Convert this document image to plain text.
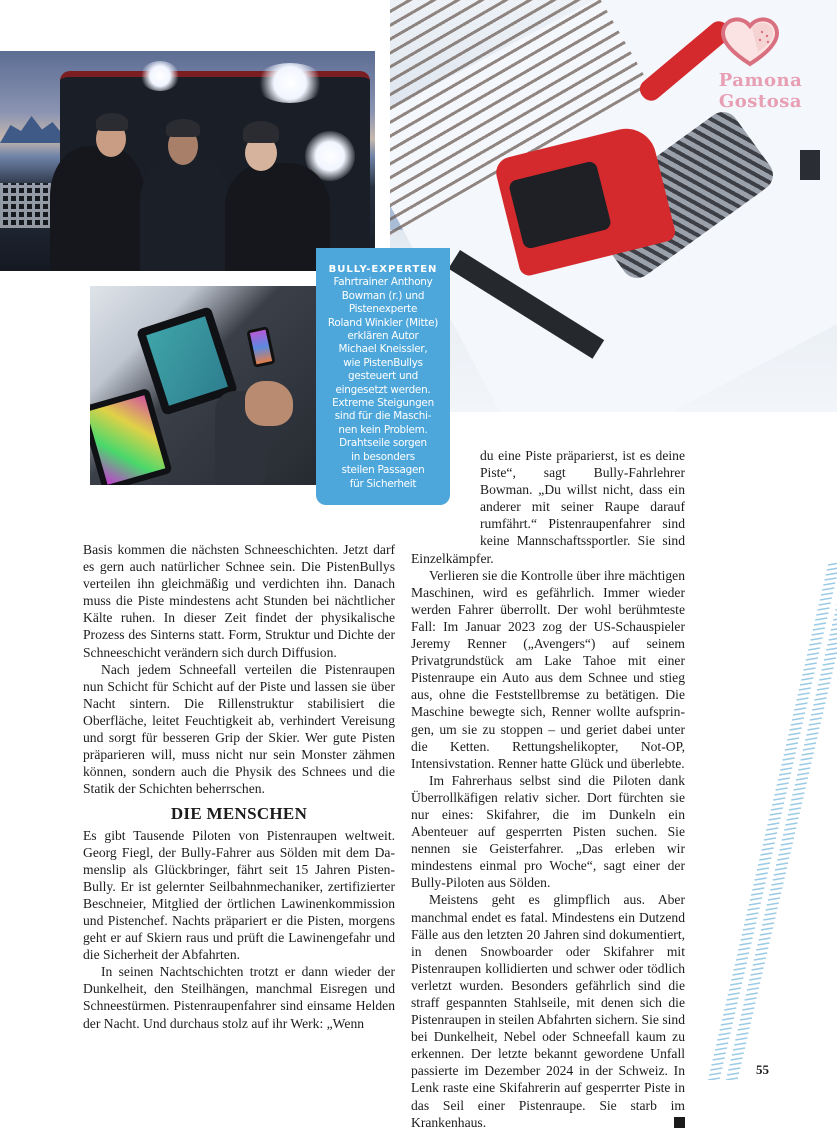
Pamona Gostosa
BULLY-EXPERTEN
Fahrtrainer Anthony
Bowman (r.) und
Pistenexperte
Roland Winkler (Mitte)
erklären Autor
Michael Kneissler,
wie PistenBullys
gesteuert und
eingesetzt werden.
Extreme Steigungen
sind für die Maschi-
nen kein Problem.
Drahtseile sorgen
in besonders
steilen Passagen
für Sicherheit

Basis kommen die nächsten Schneeschichten. Jetzt darf es gern auch natürlicher Schnee sein. Die PistenBullys verteilen ihn gleichmäßig und verdichten ihn. Danach muss die Piste mindestens acht Stunden bei nächtlicher Kälte ruhen. In dieser Zeit findet der physikalische Prozess des Sinterns statt. Form, Struktur und Dichte der Schneeschicht verändern sich durch Diffusion.

Nach jedem Schneefall verteilen die Pistenraupen nun Schicht für Schicht auf der Piste und lassen sie über Nacht sintern. Die Rillenstruktur stabilisiert die Oberfläche, leitet Feuchtigkeit ab, verhindert Vereisung und sorgt für besseren Grip der Skier. Wer gute Pisten präparieren will, muss nicht nur sein Monster zähmen können, sondern auch die Physik des Schnees und die Statik der Schichten beherrschen.

DIE MENSCHEN

Es gibt Tausende Piloten von Pistenraupen weltweit. Georg Fiegl, der Bully-Fahrer aus Sölden mit dem Damenslip als Glückbringer, fährt seit 15 Jahren PistenBully. Er ist gelernter Seilbahnmechaniker, zertifizierter Beschneier, Mitglied der örtlichen Lawinenkommission und Pistenchef. Nachts präpariert er die Pisten, morgens geht er auf Skiern raus und prüft die Lawinengefahr und die Sicherheit der Abfahrten.

In seinen Nachtschichten trotzt er dann wieder der Dunkelheit, den Steilhängen, manchmal Eisregen und Schneestürmen. Pistenraupenfahrer sind einsame Helden der Nacht. Und durchaus stolz auf ihr Werk: „Wenn

du eine Piste präparierst, ist es deine Piste“, sagt Bully-Fahrlehrer Bowman. „Du willst nicht, dass ein anderer mit seiner Raupe darauf rumfährt.“ Pistenraupenfahrer sind keine Mannschaftssportler. Sie sind Einzelkämpfer.

Verlieren sie die Kontrolle über ihre mächtigen Maschinen, wird es gefährlich. Immer wieder werden Fahrer überrollt. Der wohl berühmteste Fall: Im Januar 2023 zog der US-Schauspieler Jeremy Renner („Avengers“) auf seinem Privatgrundstück am Lake Tahoe mit einer Pistenraupe ein Auto aus dem Schnee und stieg aus, ohne die Feststellbremse zu betätigen. Die Maschine bewegte sich, Renner wollte aufspringen, um sie zu stoppen – und geriet dabei unter die Ketten. Rettungshelikopter, Not-OP, Intensivstation. Renner hatte Glück und überlebte.

Im Fahrerhaus selbst sind die Piloten dank Überrollkäfigen relativ sicher. Dort fürchten sie nur eines: Skifahrer, die im Dunkeln ein Abenteuer auf gesperrten Pisten suchen. Sie nennen sie Geisterfahrer. „Das erleben wir mindestens einmal pro Woche“, sagt einer der Bully-Piloten aus Sölden.

Meistens geht es glimpflich aus. Aber manchmal endet es fatal. Mindestens ein Dutzend Fälle aus den letzten 20 Jahren sind dokumentiert, in denen Snowboarder oder Skifahrer mit Pistenraupen kollidierten und schwer oder tödlich verletzt wurden. Besonders gefährlich sind die straff gespannten Stahlseile, mit denen sich die Pistenraupen in steilen Abfahrten sichern. Sie sind bei Dunkelheit, Nebel oder Schneefall kaum zu erkennen. Der letzte bekannt gewordene Unfall passierte im Dezember 2024 in der Schweiz. In Lenk raste eine Skifahrerin auf gesperrter Piste in das Seil einer Pistenraupe. Sie starb im Krankenhaus.	Y

55
